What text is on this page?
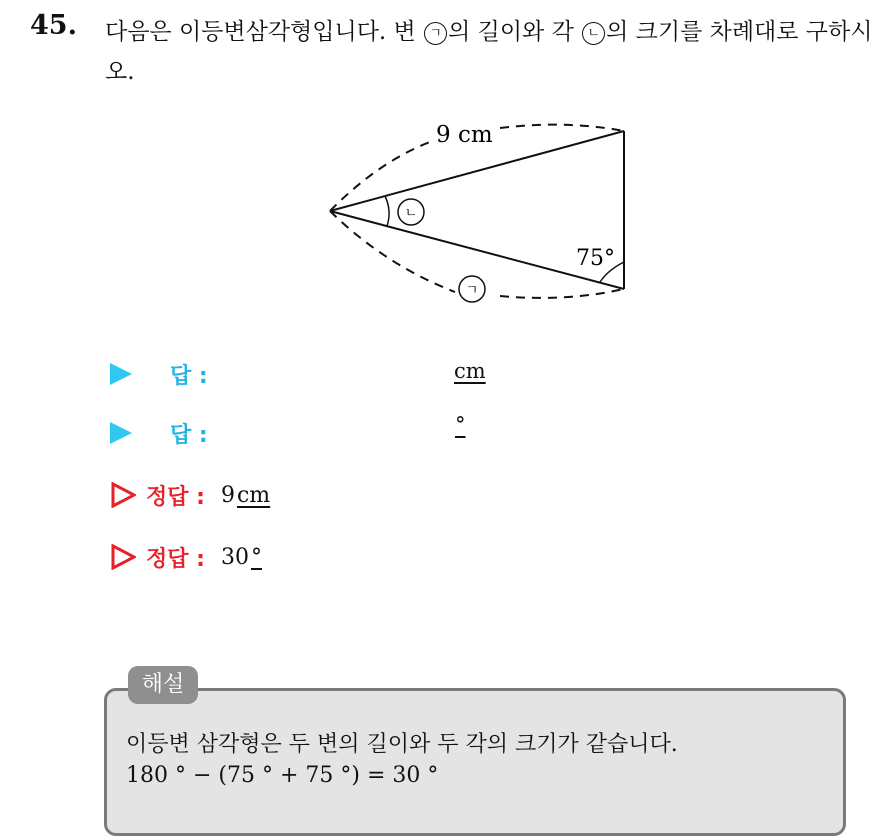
45. 다음은 이등변삼각형입니다. 변 ㄱ 의 길이와 각 ㄴ 의 크기를 차례대로 구하시오.
ㄴ
ㄱ
9 cm
75°
답 :	cm
답 :	°
정답 : 9 cm
정답 : 30 °
해설
이등변 삼각형은 두 변의 길이와 두 각의 크기가 같습니다.
180 ° − (75 ° + 75 °) = 30 °
